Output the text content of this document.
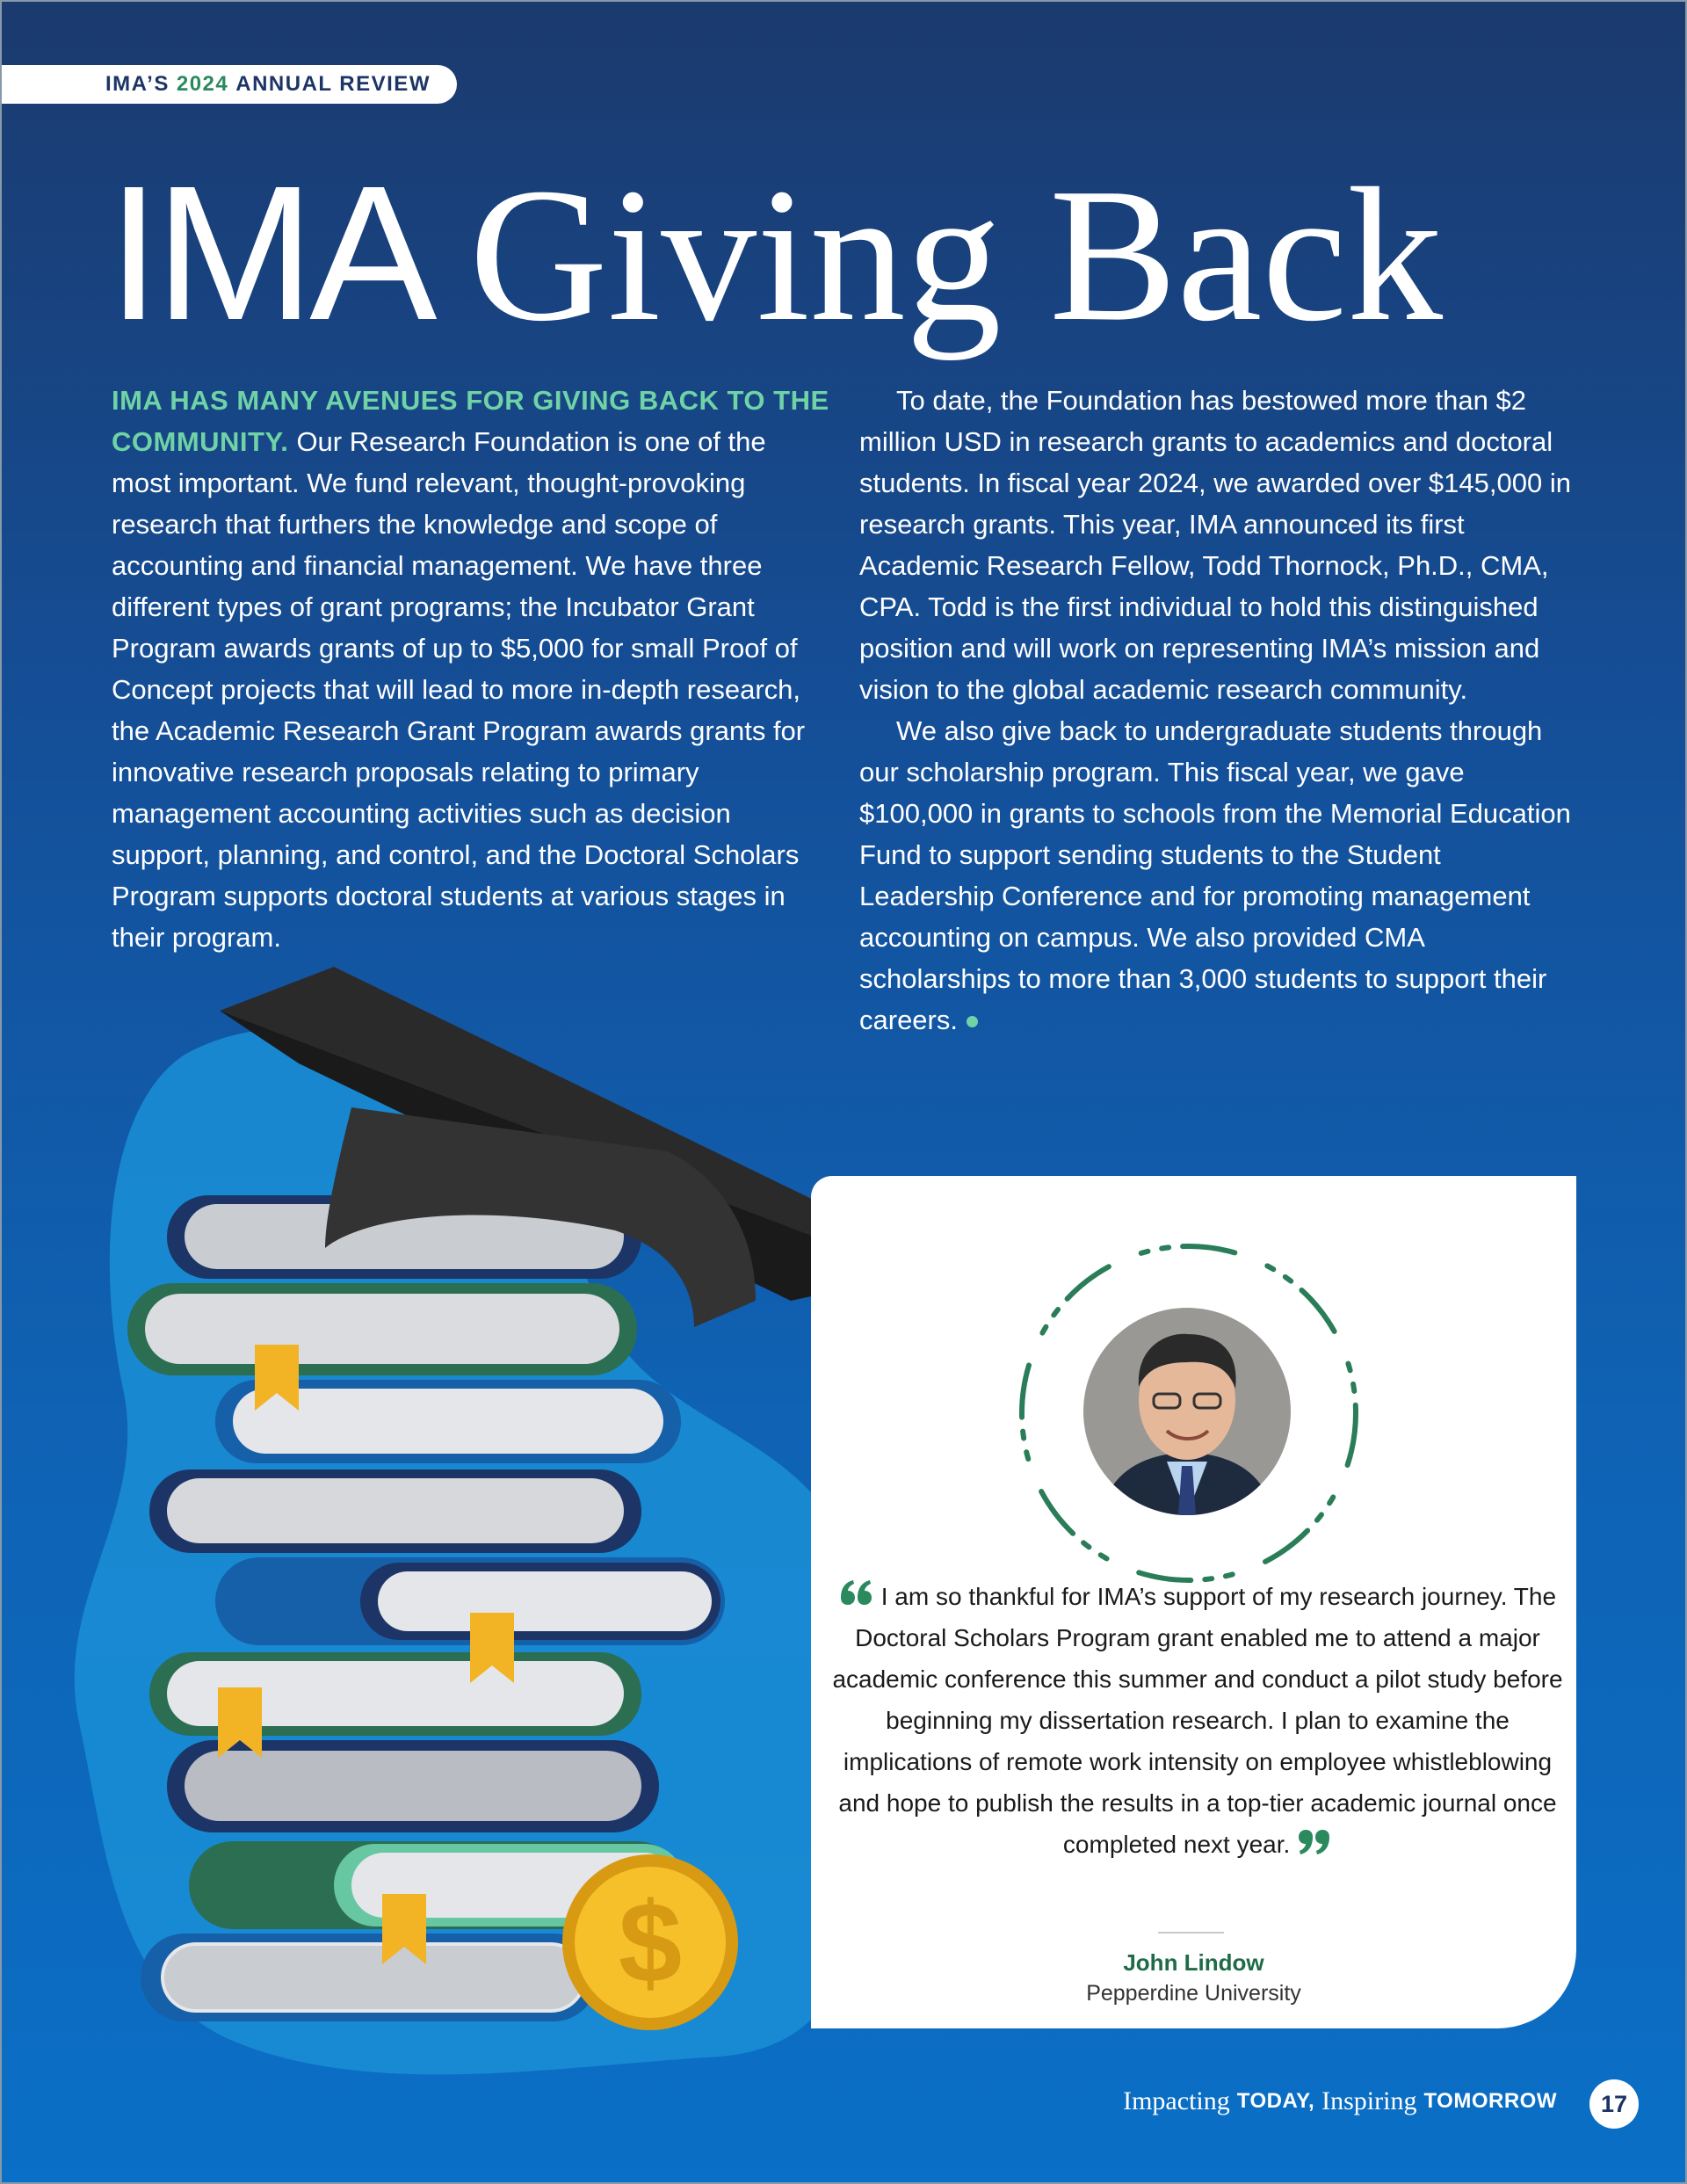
IMA’S 2024 ANNUAL REVIEW
IMA Giving Back
IMA HAS MANY AVENUES FOR GIVING BACK TO THE COMMUNITY. Our Research Foundation is one of the most important. We fund relevant, thought-provoking research that furthers the knowledge and scope of accounting and financial management. We have three different types of grant programs; the Incubator Grant Program awards grants of up to $5,000 for small Proof of Concept projects that will lead to more in-depth research, the Academic Research Grant Program awards grants for innovative research proposals relating to primary management accounting activities such as decision support, planning, and control, and the Doctoral Scholars Program supports doctoral students at various stages in their program.
To date, the Foundation has bestowed more than $2 million USD in research grants to academics and doctoral students. In fiscal year 2024, we awarded over $145,000 in research grants. This year, IMA announced its first Academic Research Fellow, Todd Thornock, Ph.D., CMA, CPA. Todd is the first individual to hold this distinguished position and will work on representing IMA’s mission and vision to the global academic research community.
We also give back to undergraduate students through our scholarship program. This fiscal year, we gave $100,000 in grants to schools from the Memorial Education Fund to support sending students to the Student Leadership Conference and for promoting management accounting on campus. We also provided CMA scholarships to more than 3,000 students to support their careers.
$
I am so thankful for IMA’s support of my research journey. The Doctoral Scholars Program grant enabled me to attend a major academic conference this summer and conduct a pilot study before beginning my dissertation research. I plan to examine the implications of remote work intensity on employee whistleblowing and hope to publish the results in a top-tier academic journal once completed next year.
John Lindow
Pepperdine University
Impacting TODAY, Inspiring TOMORROW	17
